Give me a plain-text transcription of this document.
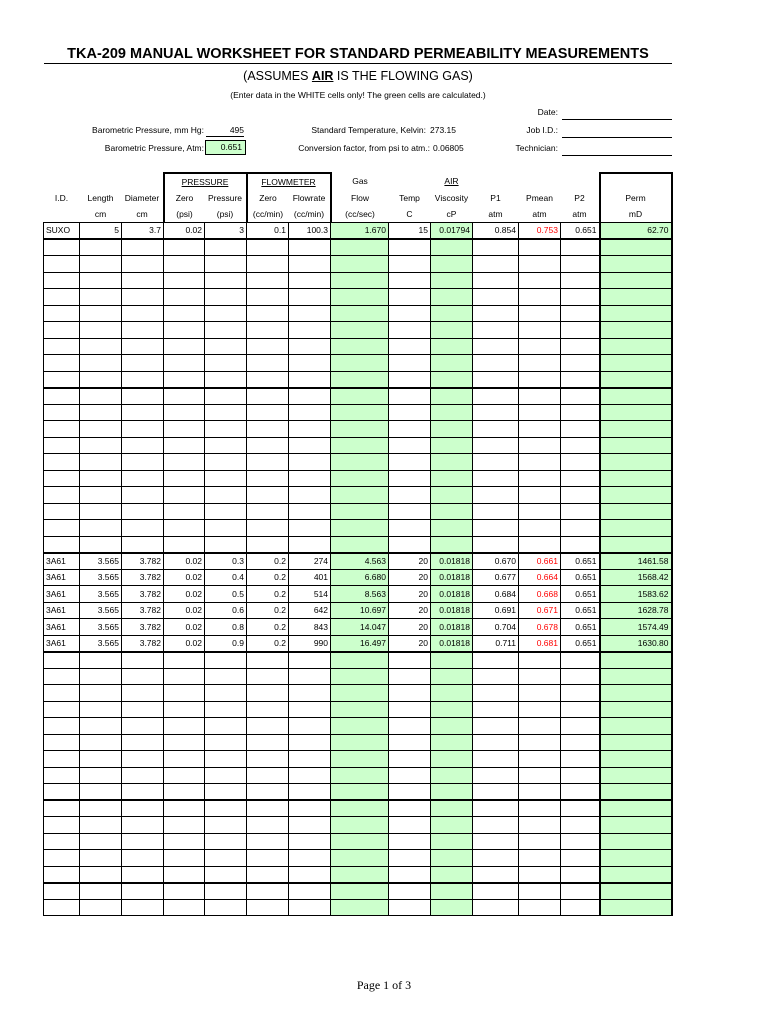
TKA-209 MANUAL WORKSHEET FOR STANDARD PERMEABILITY MEASUREMENTS
(ASSUMES AIR IS THE FLOWING GAS)
(Enter data in the WHITE cells only! The green cells are calculated.)
Date:
Job I.D.:
Technician:
Barometric Pressure, mm Hg:	495
Barometric Pressure, Atm:	0.651
Standard Temperature, Kelvin: 273.15
Conversion factor, from psi to atm.: 0.06805
			PRESSURE		FLOWMETER		Gas		AIR				
I.D.	Length	Diameter	Zero	Pressure	Zero	Flowrate	Flow	Temp	Viscosity	P1	Pmean	P2	Perm
	cm	cm	(psi)	(psi)	(cc/min)	(cc/min)	(cc/sec)	C	cP	atm	atm	atm	mD
SUXO	5	3.7	0.02	3	0.1	100.3	1.670	15	0.01794	0.854	0.753	0.651	62.70

3A61	3.565	3.782	0.02	0.3	0.2	274	4.563	20	0.01818	0.670	0.661	0.651	1461.58
3A61	3.565	3.782	0.02	0.4	0.2	401	6.680	20	0.01818	0.677	0.664	0.651	1568.42
3A61	3.565	3.782	0.02	0.5	0.2	514	8.563	20	0.01818	0.684	0.668	0.651	1583.62
3A61	3.565	3.782	0.02	0.6	0.2	642	10.697	20	0.01818	0.691	0.671	0.651	1628.78
3A61	3.565	3.782	0.02	0.8	0.2	843	14.047	20	0.01818	0.704	0.678	0.651	1574.49
3A61	3.565	3.782	0.02	0.9	0.2	990	16.497	20	0.01818	0.711	0.681	0.651	1630.80

Page 1 of 3
